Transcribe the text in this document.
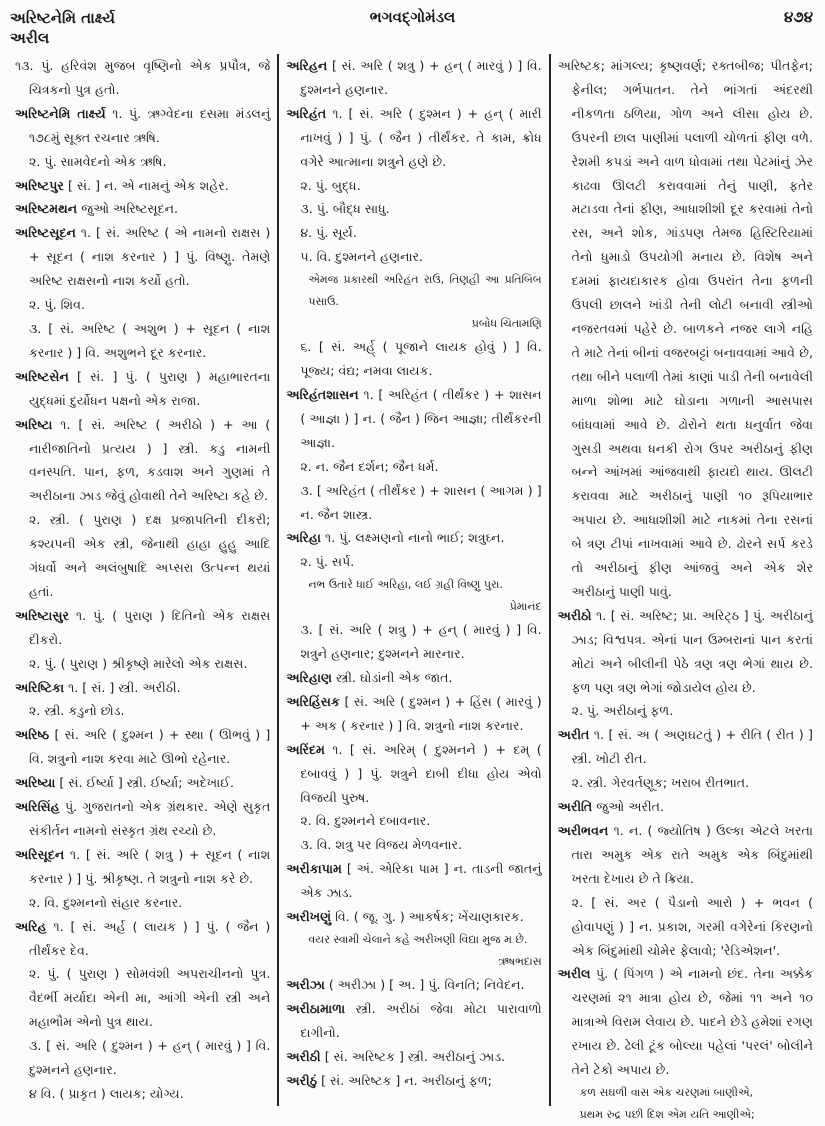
અરિષ્ટનેમિ તાર્ક્ષ્ય
અરીલ
ભગવદ્ગોમંડલ	૪૭૪

૧૩. પું. હરિવંશ મુજબ વૃષ્ણિનો એક પ્રપૌત્ર, જે ચિત્રકનો પુત્ર હતો.

અરિષ્ટનેમિ તાર્ક્ષ્ય ૧. પું. ઋગ્વેદના દસમા મંડલનું ૧૭૮મું સૂક્ત રચનાર ઋષિ.

૨. પું. સામવેદનો એક ઋષિ.

અરિષ્ટપુર [ સં. ] ન. એ નામનું એક શહેર.

અરિષ્ટમથન જુઓ અરિષ્ટસૂદન.

અરિષ્ટસૂદન ૧. [ સં. અરિષ્ટ ( એ નામનો રાક્ષસ ) + સૂદન ( નાશ કરનાર ) ] પું. વિષ્ણુ. તેમણે અરિષ્ટ રાક્ષસનો નાશ કર્યો હતો.

૨. પું. શિવ.

૩. [ સં. અરિષ્ટ ( અશુભ ) + સૂદન ( નાશ કરનાર ) ] વિ. અશુભને દૂર કરનાર.

અરિષ્ટસેન [ સં. ] પું. ( પુરાણ ) મહાભારતના યુદ્ધમાં દુર્યોધન પક્ષનો એક રાજા.

અરિષ્ટા ૧. [ સં. અરિષ્ટ ( અરીઠો ) + આ ( નારીજાતિનો પ્રત્યય ) ] સ્ત્રી. કડુ નામની વનસ્પતિ. પાન, ફળ, કડવાશ અને ગુણમાં તે અરીઠાના ઝાડ જેવું હોવાથી તેને અરિષ્ટા કહે છે.

૨. સ્ત્રી. ( પુરાણ ) દક્ષ પ્રજાપતિની દીકરી; કશ્યપની એક સ્ત્રી, જેનાથી હાહા હુહુ આદિ ગંધર્વો અને અલંબુષાદિ અપ્સરા ઉત્પન્ન થયાં હતાં.

અરિષ્ટાસુર ૧. પું. ( પુરાણ ) દિતિનો એક રાક્ષસ દીકરો.

૨. પું. ( પુરાણ ) શ્રીકૃષ્ણે મારેલો એક રાક્ષસ.

અરિષ્ટિકા ૧. [ સં. ] સ્ત્રી. અરીઠી.

૨. સ્ત્રી. કડુનો છોડ.

અરિષ્ઠ [ સં. અરિ ( દુશ્મન ) + સ્થા ( ઊભવું ) ] વિ. શત્રુનો નાશ કરવા માટે ઊભો રહેનાર.

અરિષ્યા [ સં. ઈર્ષ્યા ] સ્ત્રી. ઈર્ષ્યા; અદેખાઈ.

અરિસિંહ પું. ગુજરાતનો એક ગ્રંથકાર. એણે સુકૃત સંકીર્તન નામનો સંસ્કૃત ગ્રંથ રચ્યો છે.

અરિસૂદન ૧. [ સં. અરિ ( શત્રુ ) + સૂદન ( નાશ કરનાર ) ] પું. શ્રીકૃષ્ણ. તે શત્રુનો નાશ કરે છે.

૨. વિ. દુશ્મનનો સંહાર કરનાર.

અરિહ ૧. [ સં. અર્હ ( લાયક ) ] પું. ( જૈન ) તીર્થંકર દેવ.

૨. પું. ( પુરાણ ) સોમવંશી અપરાચીનનો પુત્ર. વૈદર્ભી મર્યાદા એની મા, આંગી એની સ્ત્રી અને મહાભૌમ એનો પુત્ર થાય.

૩. [ સં. અરિ ( દુશ્મન ) + હન્ ( મારવું ) ] વિ. દુશ્મનને હણનાર.

૪ વિ. ( પ્રાકૃત ) લાયક; યોગ્ય.

અરિહન [ સં. અરિ ( શત્રુ ) + હન્ ( મારવું ) ] વિ. દુશ્મનને હણનાર.

અરિહંત ૧. [ સં. અરિ ( દુશ્મન ) + હન્ ( મારી નાખવું ) ] પું. ( જૈન ) તીર્થંકર. તે કામ, ક્રોધ વગેરે આત્માના શત્રુને હણે છે.

૨. પું. બુદ્ધ.

૩. પું. બૌદ્ધ સાધુ.

૪. પું. સૂર્ય.

૫. વિ. દુશ્મનને હણનાર.

એમજ પ્રકારથી અરિહંત રાઉ, તિણહી આ પ્રતિબિંબ પસાઉ.

પ્રબોધ ચિંતામણિ

૬. [ સં. અર્હ્ ( પૂજાને લાયક હોવું ) ] વિ. પૂજ્ય; વંદ્ય; નમવા લાયક.

અરિહંતશાસન ૧. [ અરિહંત ( તીર્થંકર ) + શાસન ( આજ્ઞા ) ] ન. ( જૈન ) જિન આજ્ઞા; તીર્થંકરની આજ્ઞા.

૨. ન. જૈન દર્શન; જૈન ધર્મ.

૩. [ અરિહંત ( તીર્થંકર ) + શાસન ( આગમ ) ] ન. જૈન શાસ્ત્ર.

અરિહા ૧. પું. લક્ષ્મણનો નાનો ભાઈ; શત્રુઘ્ન.

૨. પું. સર્પ.

નભ ઉતારે ધાઈ અરિહા, લઈ ગ્રહી વિષ્ણુ પુરા.

પ્રેમાનંદ

૩. [ સં. અરિ ( શત્રુ ) + હન્ ( મારવું ) ] વિ. શત્રુને હણનાર; દુશ્મનને મારનાર.

અરિહાણ સ્ત્રી. ઘોડાંની એક જાત.

અરિહિંસક [ સં. અરિ ( દુશ્મન ) + હિંસ ( મારવું ) + અક ( કરનાર ) ] વિ. શત્રુનો નાશ કરનાર.

અરિંદમ ૧. [ સં. અરિમ્ ( દુશ્મનને ) + દમ્ ( દબાવવું ) ] પું. શત્રુને દાબી દીધા હોય એવો વિજયી પુરુષ.

૨. વિ. દુશ્મનને દબાવનાર.

૩. વિ. શત્રુ પર વિજય મેળવનાર.

અરીકાપામ [ અં. એરિકા પામ ] ન. તાડની જાતનું એક ઝાડ.

અરીખણું વિ. ( જૂ. ગુ. ) આકર્ષક; ખેંચાણકારક.

વયર સ્વામી ચેલાને કહે અરીખણી વિદ્યા મુજ મ છે.

ઋષભદાસ

અરીઝા ( અરીઝા ) [ અ. ] પું. વિનતિ; નિવેદન.

અરીઠામાળા સ્ત્રી. અરીઠાં જેવા મોટા પારાવાળો દાગીનો.

અરીઠી [ સં. અરિષ્ટક ] સ્ત્રી. અરીઠાનું ઝાડ.

અરીઠું [ સં. અરિષ્ટક ] ન. અરીઠાનું ફળ;

અરિષ્ટક; માંગલ્ય; કૃષ્ણવર્ણ; રક્તબીજ; પીતફેન; ફેનીલ; ગર્ભપાતન. તેને ભાંગતાં અંદરથી નીકળતા ઠળિયા, ગોળ અને લીસા હોય છે. ઉપરની છાલ પાણીમાં પલાળી ચોળતાં ફીણ વળે. રેશમી કપડાં અને વાળ ધોવામાં તથા પેટમાંનું ઝેર કાઢવા ઊલટી કરાવવામાં તેનું પાણી, ફતેર મટાડવા તેનાં ફીણ, આધાશીશી દૂર કરવામાં તેનો રસ, અને શોક, ગાંડપણ તેમજ હિસ્ટિરિયામાં તેનો ધુમાડો ઉપયોગી મનાય છે. વિશેષ અને દમમાં ફાયદાકારક હોવા ઉપરાંત તેના ફળની ઉપલી છાલને ખાંડી તેની લોટી બનાવી સ્ત્રીઓ નજરતવમાં પહેરે છે. બાળકને નજર લાગે નહિ તે માટે તેનાં બીનાં વજરબટ્ટાં બનાવવામાં આવે છે, તથા બીને પલાળી તેમાં કાણાં પાડી તેની બનાવેલી માળા શોભા માટે ઘોડાના ગળાની આસપાસ બાંધવામાં આવે છે. ઢોરોને થતા ધનુર્વાત જેવા ગુસડી અથવા ધનકી રોગ ઉપર અરીઠાનું ફીણ બન્ને આંખમાં આંજવાથી ફાયદો થાય. ઊલટી કરાવવા માટે અરીઠાનું પાણી ૧૦ રૂપિયાભાર અપાય છે. આધાશીશી માટે નાકમાં તેના રસનાં બે ત્રણ ટીપાં નાખવામાં આવે છે. ઢોરને સર્પ કરડે તો અરીઠાનું ફીણ આંજવું અને એક શેર અરીઠાનું પાણી પાવું.

અરીઠો ૧. [ સં. અરિષ્ટ; પ્રા. અરિટ્ઠ ] પું. અરીઠાનું ઝાડ; વિશ્વપત્ર. એનાં પાન ઉમ્બરાનાં પાન કરતાં મોટાં અને બીલીની પેઠે ત્રણ ત્રણ ભેગાં થાય છે. ફળ પણ ત્રણ ભેગાં જોડાયેલ હોય છે.

૨. પું. અરીઠાનું ફળ.

અરીત ૧. [ સં. અ ( અણઘટતું ) + રીતિ ( રીત ) ] સ્ત્રી. ખોટી રીત.

૨. સ્ત્રી. ગેરવર્તણૂક; ખરાબ રીતભાત.

અરીતિ જુઓ અરીત.

અરીભવન ૧. ન. ( જ્યોતિષ ) ઉલ્કા એટલે ખરતા તારા અમુક એક રાતે અમુક એક બિંદુમાંથી ખરતા દેખાય છે તે ક્રિયા.

૨. [ સં. અર ( પૈડાનો આરો ) + ભવન ( હોવાપણું ) ] ન. પ્રકાશ, ગરમી વગેરેનાં કિરણનો એક બિંદુમાંથી ચોમેર ફેલાવો; 'રેડિએશન'.

અરીલ પું. ( પિંગળ ) એ નામનો છંદ. તેના અક્કેક ચરણમાં ૨૧ માત્રા હોય છે, જેમાં ૧૧ અને ૧૦ માત્રાએ વિરામ લેવાય છે. પાદને છેડે હમેશાં રગણ રખાય છે. ઢેલી ટૂંક બોલ્યા પહેલાં 'પરલં' બોલીને તેને ટેકો અપાય છે.

કળ સઘળી વાસ એક ચરણમાં બાણીએ,

પ્રથમ રુદ્ર પછી દિશ એમ યતિ આણીએ;
